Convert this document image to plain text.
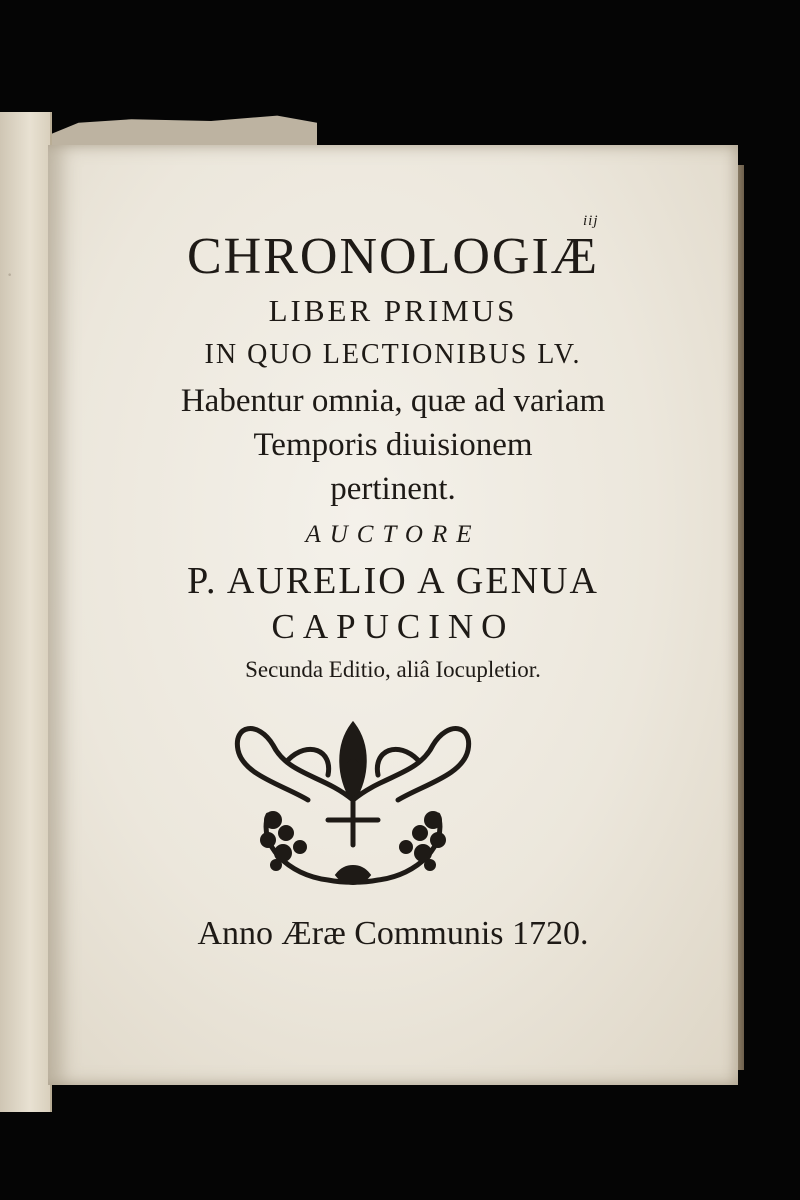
·
iij
CHRONOLOGIÆ
LIBER PRIMUS
IN QUO LECTIONIBUS LV.
Habentur omnia, quæ ad variam
Temporis diuisionem
pertinent.
AUCTORE
P. AURELIO A GENUA
CAPUCINO
Secunda Editio, aliâ Iocupletior.
Anno Æræ Communis 1720.
